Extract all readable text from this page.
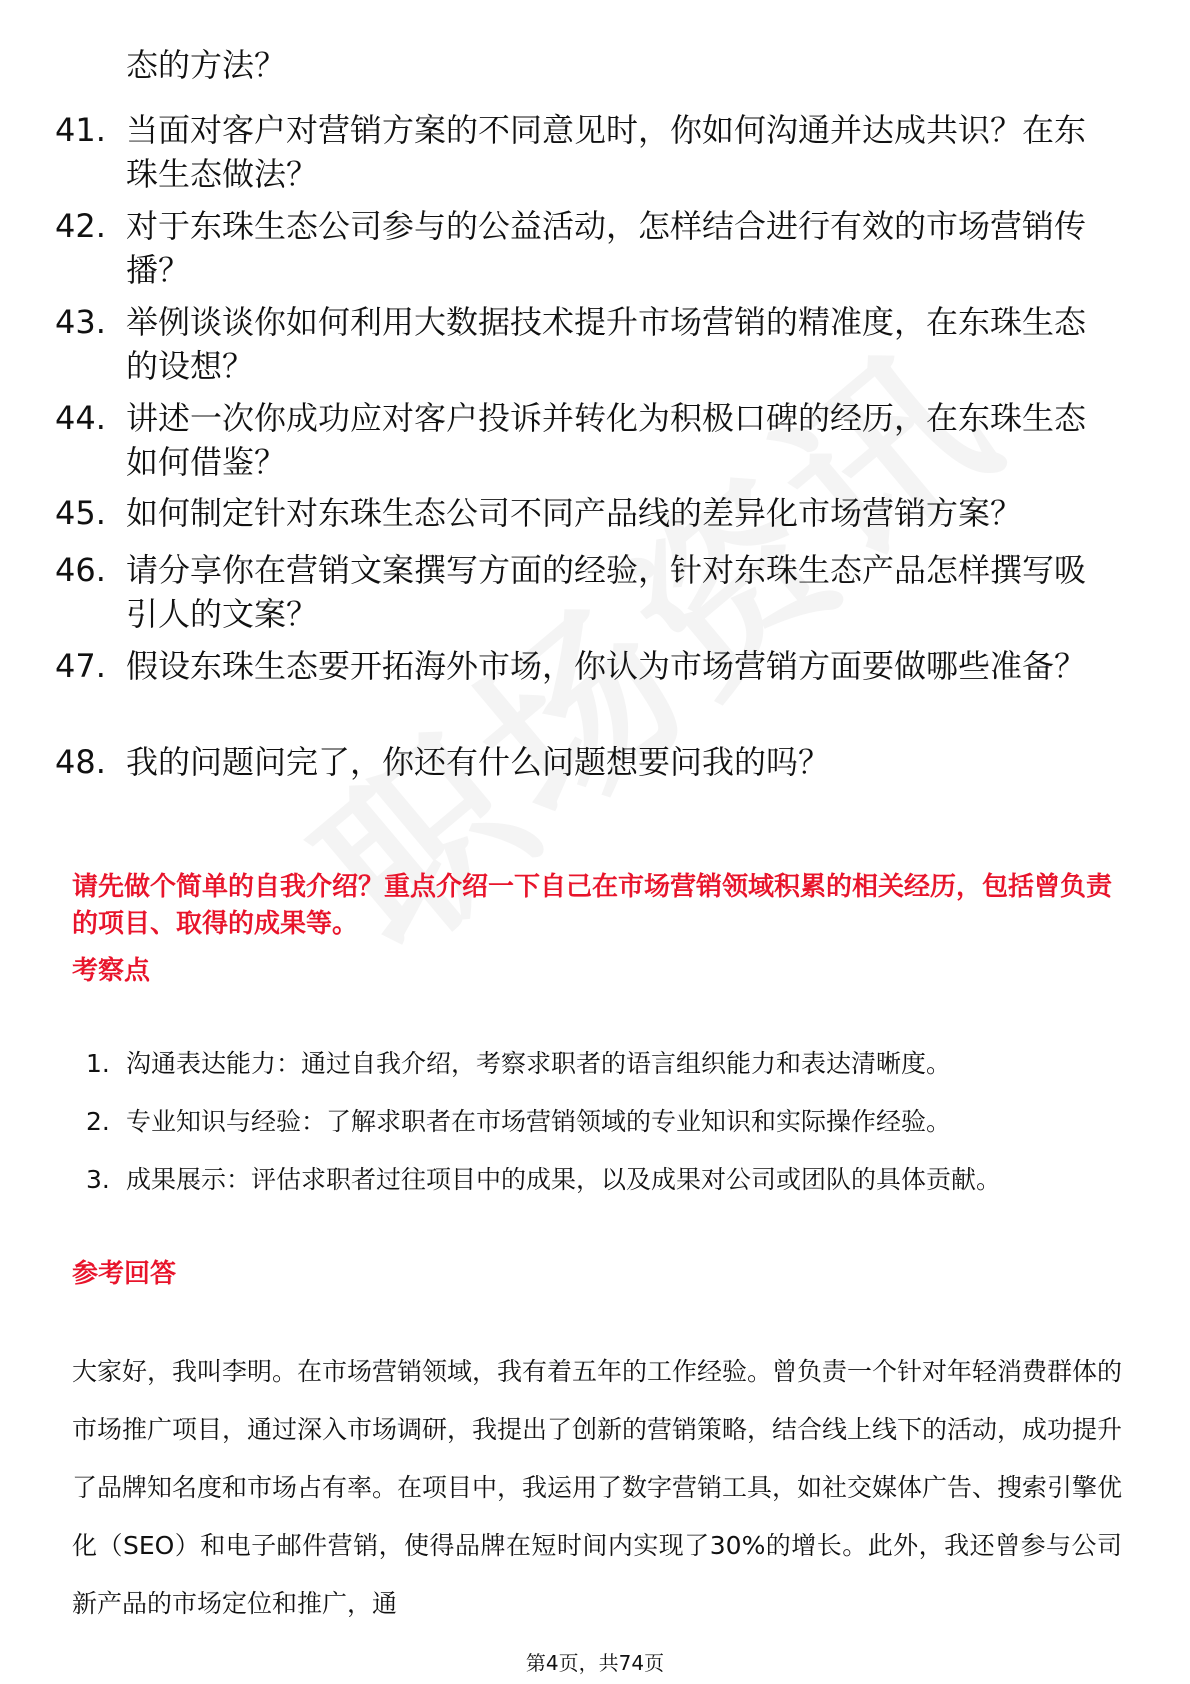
态的方法？
41. 当面对客户对营销方案的不同意见时，你如何沟通并达成共识？在东珠生态做法？
42. 对于东珠生态公司参与的公益活动，怎样结合进行有效的市场营销传播？
43. 举例谈谈你如何利用大数据技术提升市场营销的精准度，在东珠生态的设想？
44. 讲述一次你成功应对客户投诉并转化为积极口碑的经历，在东珠生态如何借鉴？
45. 如何制定针对东珠生态公司不同产品线的差异化市场营销方案？
46. 请分享你在营销文案撰写方面的经验，针对东珠生态产品怎样撰写吸引人的文案？
47. 假设东珠生态要开拓海外市场，你认为市场营销方面要做哪些准备？
48. 我的问题问完了，你还有什么问题想要问我的吗？
请先做个简单的自我介绍？重点介绍一下自己在市场营销领域积累的相关经历，包括曾负责的项目、取得的成果等。
考察点
1. 沟通表达能力：通过自我介绍，考察求职者的语言组织能力和表达清晰度。
2. 专业知识与经验：了解求职者在市场营销领域的专业知识和实际操作经验。
3. 成果展示：评估求职者过往项目中的成果，以及成果对公司或团队的具体贡献。
参考回答

大家好，我叫李明。在市场营销领域，我有着五年的工作经验。曾负责一个针对年轻消费群体的市场推广项目，通过深入市场调研，我提出了创新的营销策略，结合线上线下的活动，成功提升了品牌知名度和市场占有率。在项目中，我运用了数字营销工具，如社交媒体广告、搜索引擎优化（SEO）和电子邮件营销，使得品牌在短时间内实现了30%的增长。此外，我还曾参与公司新产品的市场定位和推广，通

第4页，共74页
